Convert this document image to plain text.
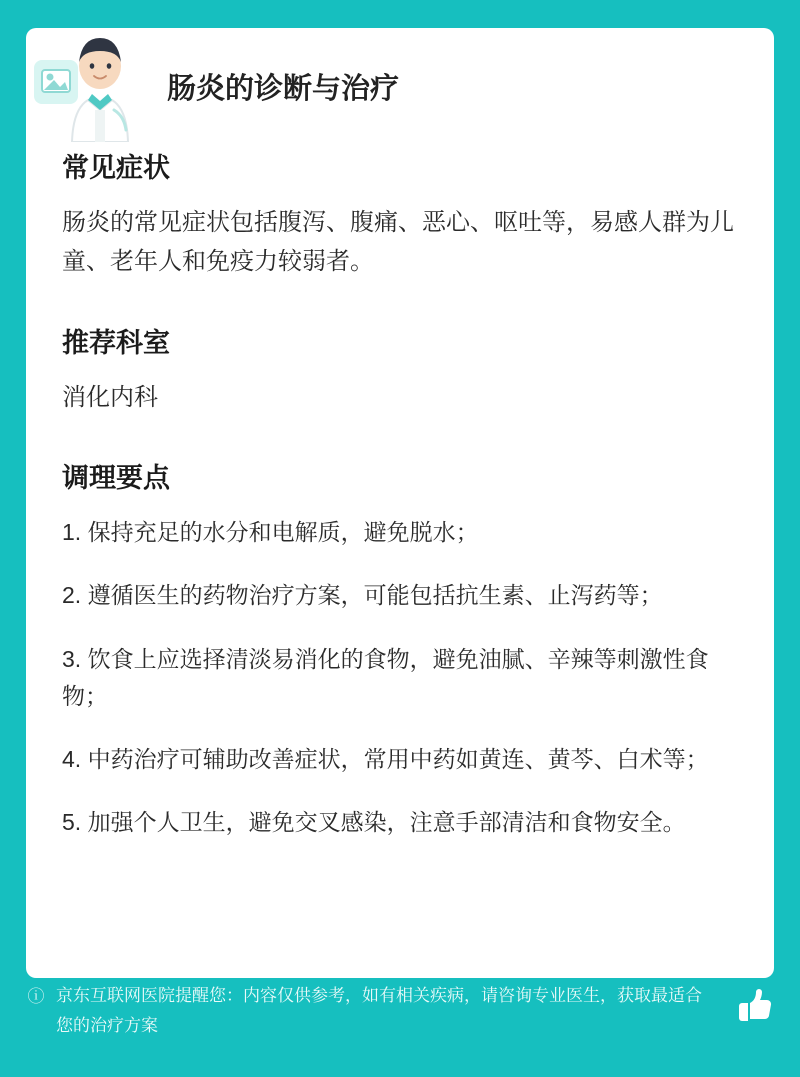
肠炎的诊断与治疗
常见症状

肠炎的常见症状包括腹泻、腹痛、恶心、呕吐等，易感人群为儿童、老年人和免疫力较弱者。

推荐科室

消化内科

调理要点

1. 保持充足的水分和电解质，避免脱水；

2. 遵循医生的药物治疗方案，可能包括抗生素、止泻药等；

3. 饮食上应选择清淡易消化的食物，避免油腻、辛辣等刺激性食物；

4. 中药治疗可辅助改善症状，常用中药如黄连、黄芩、白术等；

5. 加强个人卫生，避免交叉感染，注意手部清洁和食物安全。

ⓘ 京东互联网医院提醒您：内容仅供参考，如有相关疾病，请咨询专业医生，获取最适合您的治疗方案
